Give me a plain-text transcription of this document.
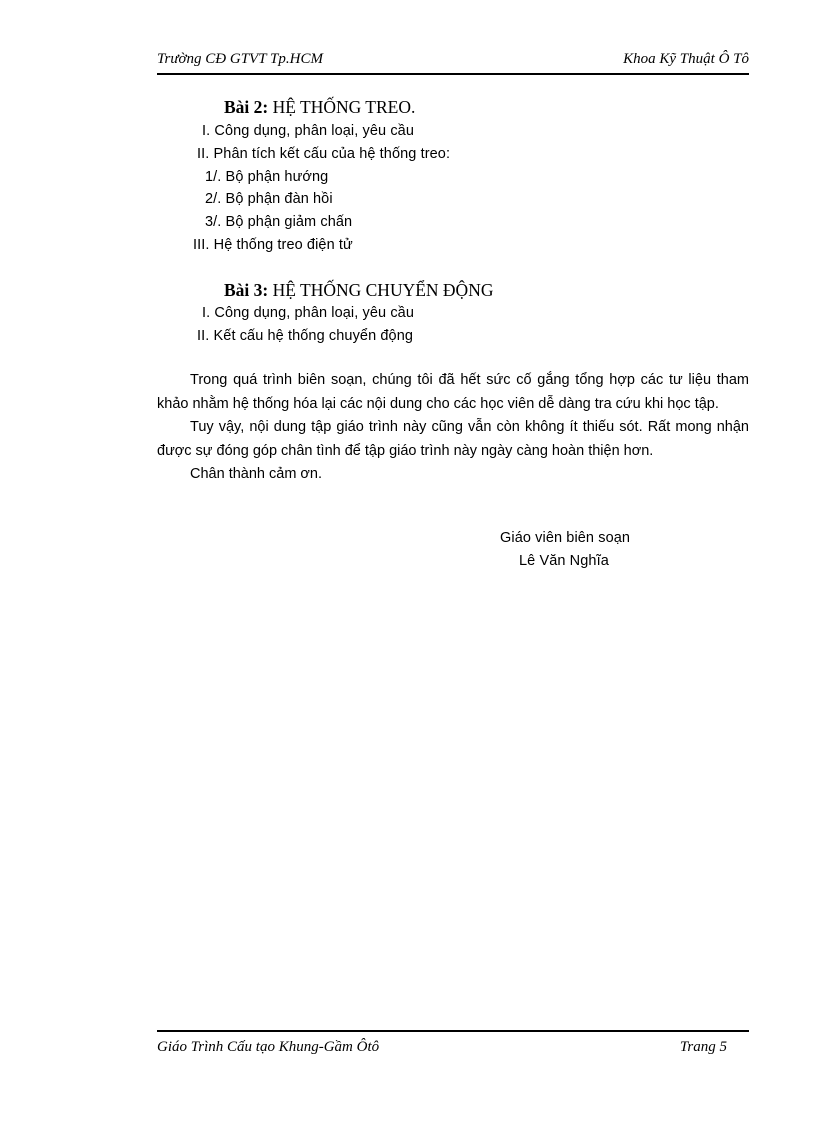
Trường CĐ GTVT Tp.HCM	Khoa Kỹ Thuật Ô Tô
Bài 2: HỆ THỐNG TREO.
I. Công dụng, phân loại, yêu cầu
II. Phân tích kết cấu của hệ thống treo:
1/. Bộ phận hướng
2/. Bộ phận đàn hồi
3/. Bộ phận giảm chấn
III. Hệ thống treo điện tử
Bài 3: HỆ THỐNG CHUYỂN ĐỘNG
I. Công dụng, phân loại, yêu cầu
II. Kết cấu hệ thống chuyển động

Trong quá trình biên soạn, chúng tôi đã hết sức cố gắng tổng hợp các tư liệu tham khảo nhằm hệ thống hóa lại các nội dung cho các học viên dễ dàng tra cứu khi học tập.

Tuy vậy, nội dung tập giáo trình này cũng vẫn còn không ít thiếu sót. Rất mong nhận được sự đóng góp chân tình để tập giáo trình này ngày càng hoàn thiện hơn.

Chân thành cảm ơn.

Giáo viên biên soạn
Lê Văn Nghĩa
Giáo Trình Cấu tạo Khung-Gầm Ôtô	Trang 5
